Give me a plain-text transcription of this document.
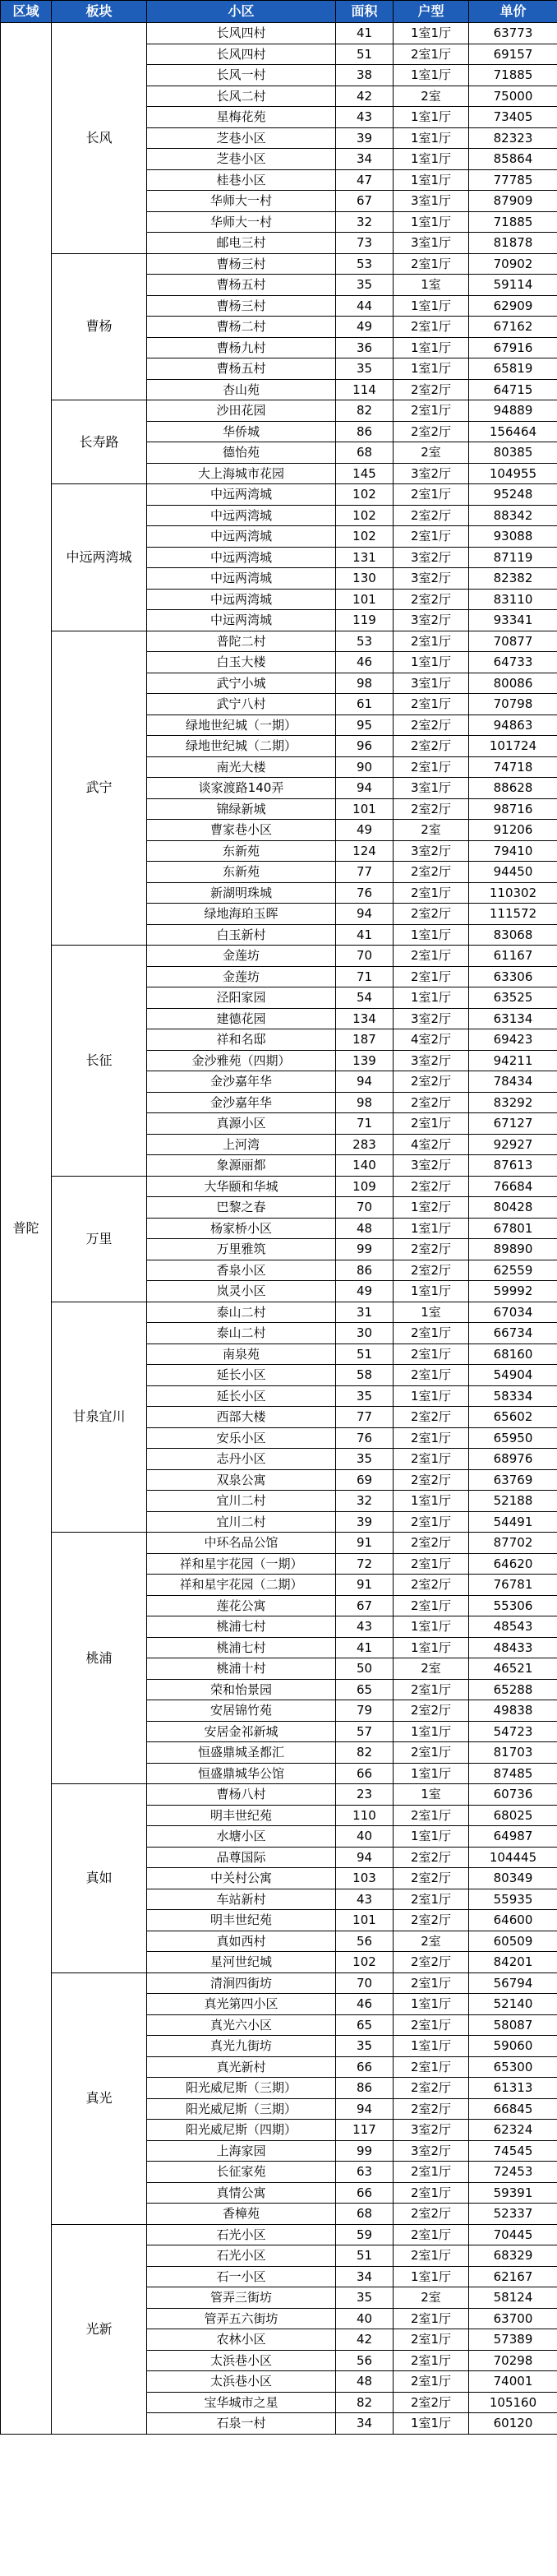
区域	板块	小区	面积	户型	单价
普陀	长风	长风四村	41	1室1厅	63773
		长风四村	51	2室1厅	69157
		长风一村	38	1室1厅	71885
		长风二村	42	2室	75000
		星梅花苑	43	1室1厅	73405
		芝巷小区	39	1室1厅	82323
		芝巷小区	34	1室1厅	85864
		桂巷小区	47	1室1厅	77785
		华师大一村	67	3室1厅	87909
		华师大一村	32	1室1厅	71885
		邮电三村	73	3室1厅	81878
	曹杨	曹杨三村	53	2室1厅	70902
		曹杨五村	35	1室	59114
		曹杨三村	44	1室1厅	62909
		曹杨二村	49	2室1厅	67162
		曹杨九村	36	1室1厅	67916
		曹杨五村	35	1室1厅	65819
		杏山苑	114	2室2厅	64715
	长寿路	沙田花园	82	2室1厅	94889
		华侨城	86	2室2厅	156464
		德怡苑	68	2室	80385
		大上海城市花园	145	3室2厅	104955
	中远两湾城	中远两湾城	102	2室1厅	95248
		中远两湾城	102	2室2厅	88342
		中远两湾城	102	2室1厅	93088
		中远两湾城	131	3室2厅	87119
		中远两湾城	130	3室2厅	82382
		中远两湾城	101	2室2厅	83110
		中远两湾城	119	3室2厅	93341
	武宁	普陀二村	53	2室1厅	70877
		白玉大楼	46	1室1厅	64733
		武宁小城	98	3室1厅	80086
		武宁八村	61	2室1厅	70798
		绿地世纪城（一期）	95	2室2厅	94863
		绿地世纪城（二期）	96	2室2厅	101724
		南光大楼	90	2室1厅	74718
		谈家渡路140弄	94	3室1厅	88628
		锦绿新城	101	2室2厅	98716
		曹家巷小区	49	2室	91206
		东新苑	124	3室2厅	79410
		东新苑	77	2室2厅	94450
		新湖明珠城	76	2室1厅	110302
		绿地海珀玉晖	94	2室2厅	111572
		白玉新村	41	1室1厅	83068
	长征	金莲坊	70	2室1厅	61167
		金莲坊	71	2室1厅	63306
		泾阳家园	54	1室1厅	63525
		建德花园	134	3室2厅	63134
		祥和名邸	187	4室2厅	69423
		金沙雅苑（四期）	139	3室2厅	94211
		金沙嘉年华	94	2室2厅	78434
		金沙嘉年华	98	2室2厅	83292
		真源小区	71	2室1厅	67127
		上河湾	283	4室2厅	92927
		象源丽都	140	3室2厅	87613
	万里	大华颐和华城	109	2室2厅	76684
		巴黎之春	70	1室2厅	80428
		杨家桥小区	48	1室1厅	67801
		万里雅筑	99	2室2厅	89890
		香泉小区	86	2室2厅	62559
		岚灵小区	49	1室1厅	59992
	甘泉宜川	泰山二村	31	1室	67034
		泰山二村	30	2室1厅	66734
		南泉苑	51	2室1厅	68160
		延长小区	58	2室1厅	54904
		延长小区	35	1室1厅	58334
		西部大楼	77	2室2厅	65602
		安乐小区	76	2室1厅	65950
		志丹小区	35	2室1厅	68976
		双泉公寓	69	2室2厅	63769
		宜川二村	32	1室1厅	52188
		宜川二村	39	2室1厅	54491
	桃浦	中环名品公馆	91	2室2厅	87702
		祥和星宇花园（一期）	72	2室1厅	64620
		祥和星宇花园（二期）	91	2室2厅	76781
		莲花公寓	67	2室1厅	55306
		桃浦七村	43	1室1厅	48543
		桃浦七村	41	1室1厅	48433
		桃浦十村	50	2室	46521
		荣和怡景园	65	2室1厅	65288
		安居锦竹苑	79	2室2厅	49838
		安居金祁新城	57	1室1厅	54723
		恒盛鼎城圣都汇	82	2室1厅	81703
		恒盛鼎城华公馆	66	1室1厅	87485
	真如	曹杨八村	23	1室	60736
		明丰世纪苑	110	2室1厅	68025
		水塘小区	40	1室1厅	64987
		品尊国际	94	2室2厅	104445
		中关村公寓	103	2室2厅	80349
		车站新村	43	2室1厅	55935
		明丰世纪苑	101	2室2厅	64600
		真如西村	56	2室	60509
		星河世纪城	102	2室2厅	84201
	真光	清涧四街坊	70	2室1厅	56794
		真光第四小区	46	1室1厅	52140
		真光六小区	65	2室1厅	58087
		真光九街坊	35	1室1厅	59060
		真光新村	66	2室1厅	65300
		阳光威尼斯（三期）	86	2室2厅	61313
		阳光威尼斯（三期）	94	2室2厅	66845
		阳光威尼斯（四期）	117	3室2厅	62324
		上海家园	99	3室2厅	74545
		长征家苑	63	2室1厅	72453
		真情公寓	66	2室1厅	59391
		香樟苑	68	2室2厅	52337
	光新	石光小区	59	2室1厅	70445
		石光小区	51	2室1厅	68329
		石一小区	34	1室1厅	62167
		管弄三街坊	35	2室	58124
		管弄五六街坊	40	2室1厅	63700
		农林小区	42	2室1厅	57389
		太浜巷小区	56	2室1厅	70298
		太浜巷小区	48	2室1厅	74001
		宝华城市之星	82	2室2厅	105160
		石泉一村	34	1室1厅	60120
